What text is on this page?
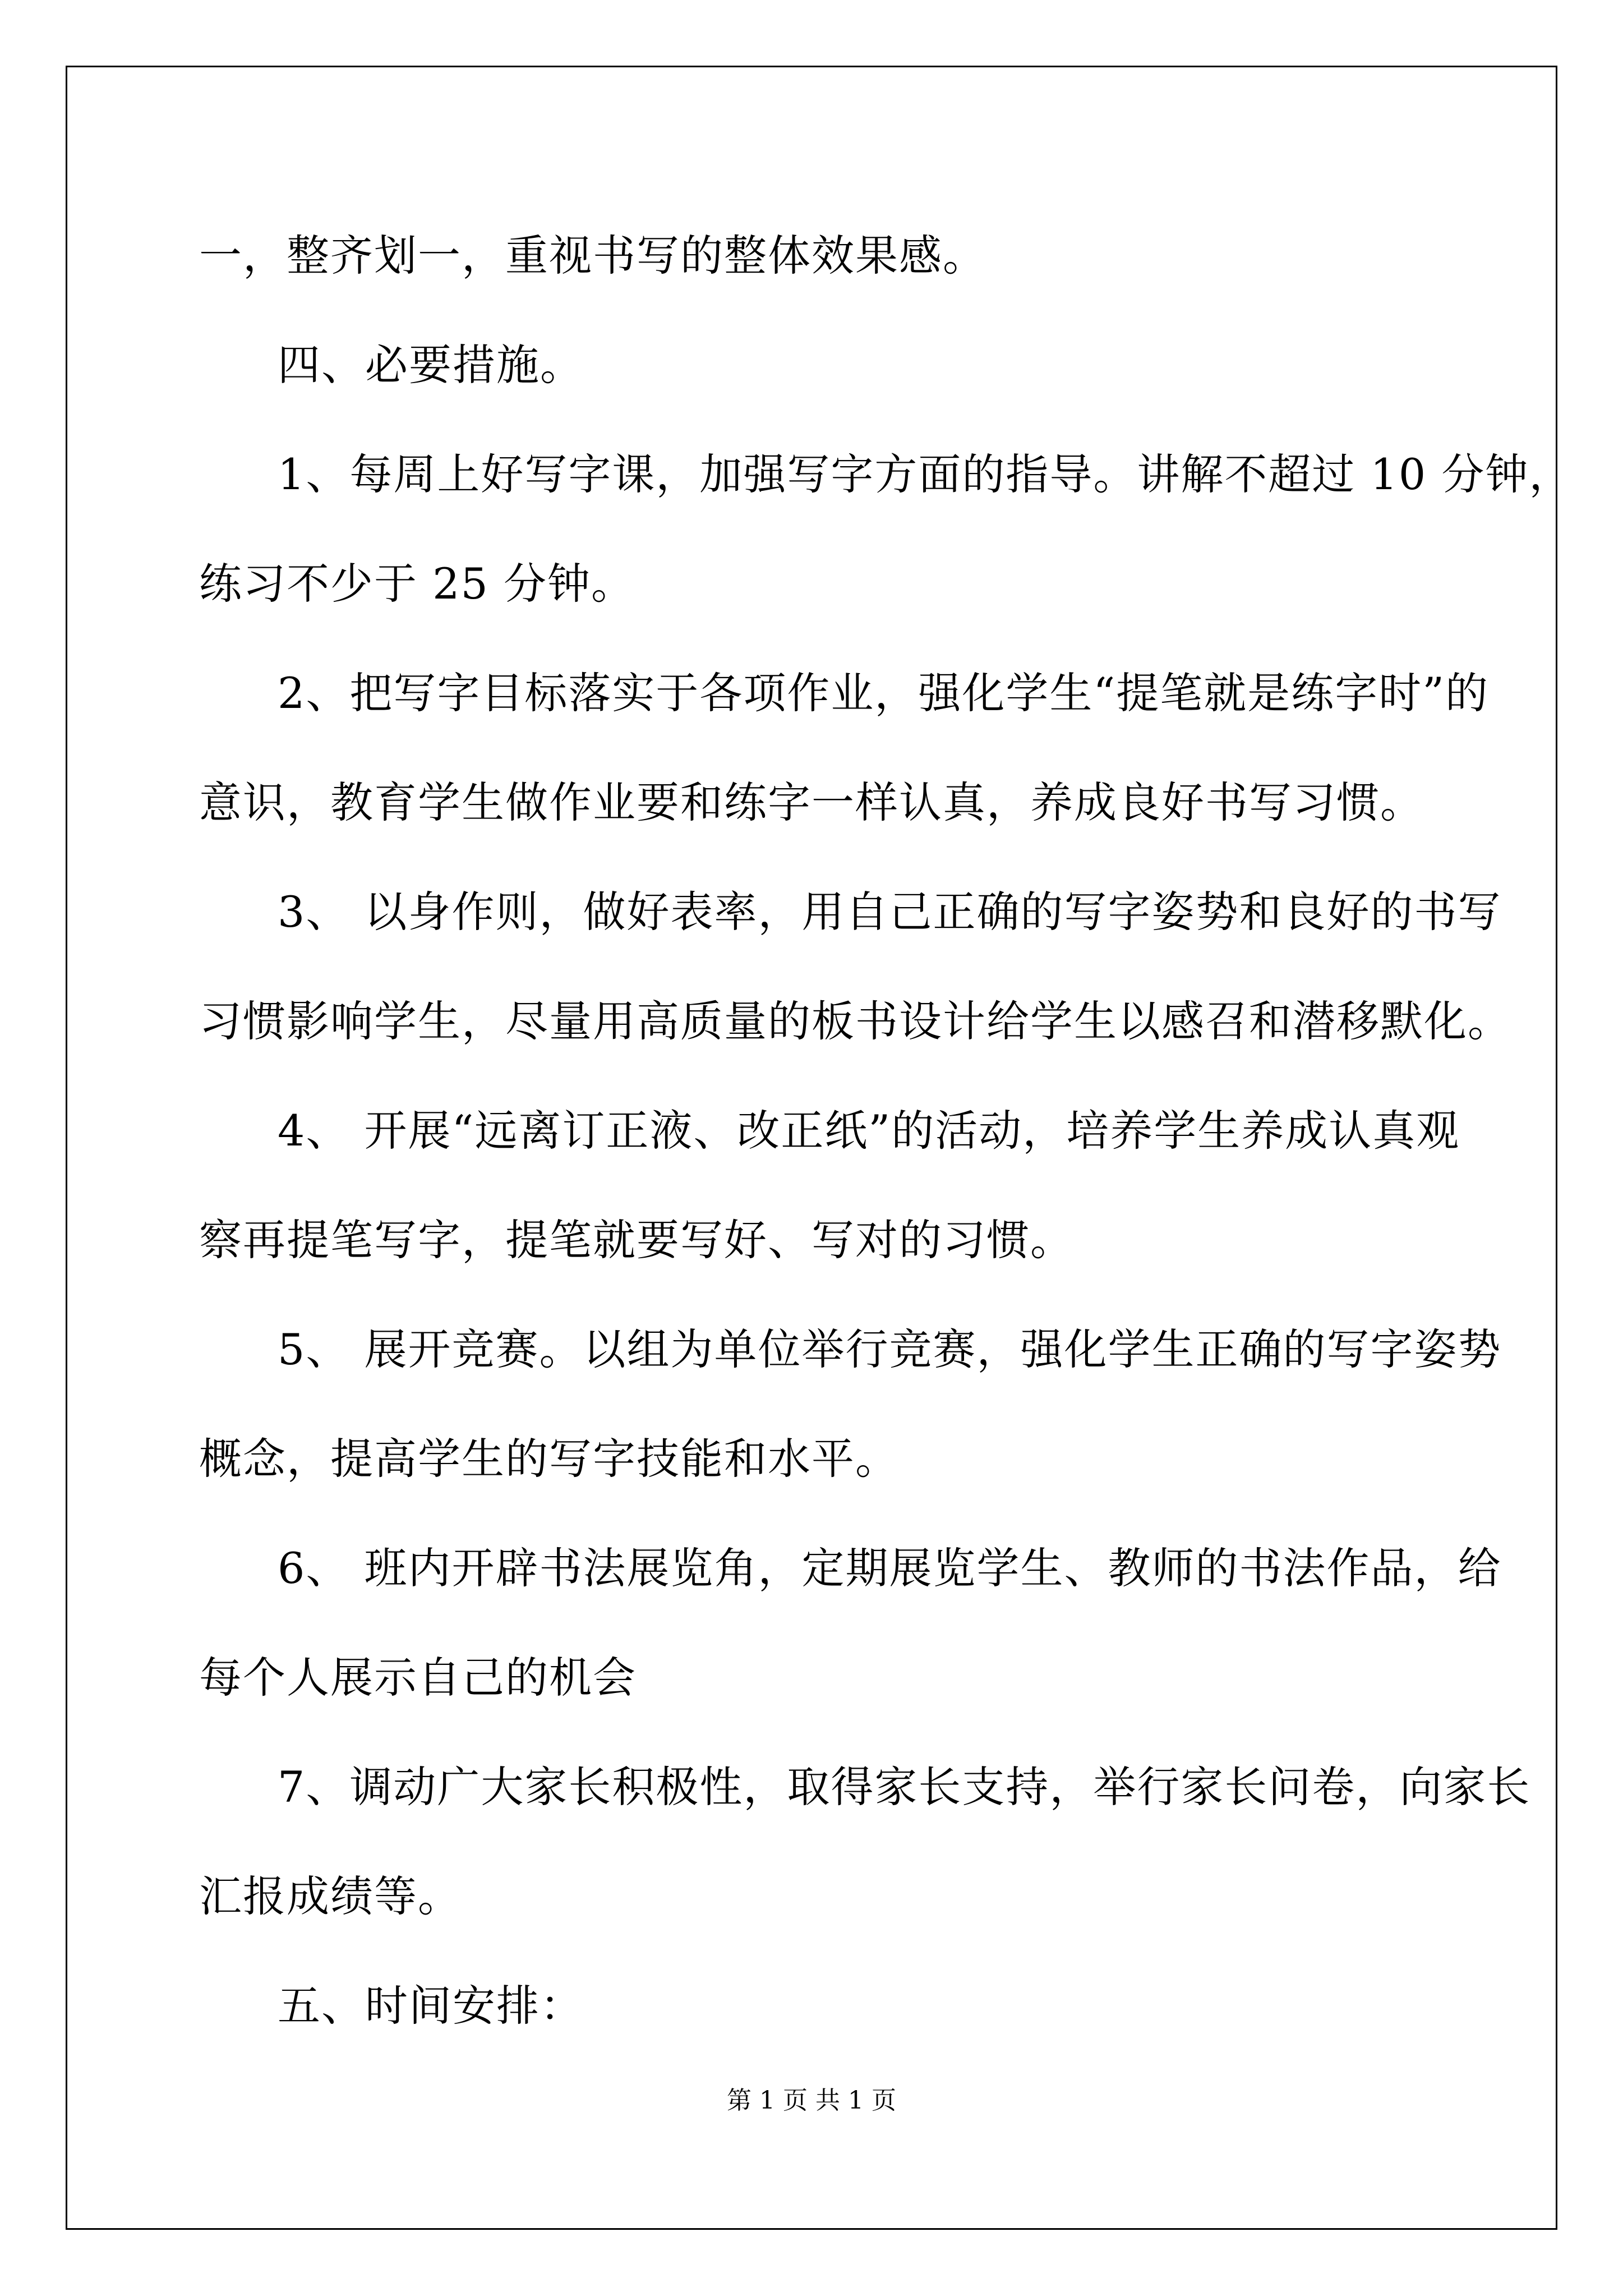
一，整齐划一，重视书写的整体效果感。
四、必要措施。
1、每周上好写字课，加强写字方面的指导。讲解不超过 10 分钟，
练习不少于 25 分钟。
2、把写字目标落实于各项作业，强化学生“提笔就是练字时”的
意识，教育学生做作业要和练字一样认真，养成良好书写习惯。
3、 以身作则，做好表率，用自己正确的写字姿势和良好的书写
习惯影响学生，尽量用高质量的板书设计给学生以感召和潜移默化。
4、 开展“远离订正液、改正纸”的活动，培养学生养成认真观
察再提笔写字，提笔就要写好、写对的习惯。
5、 展开竞赛。以组为单位举行竞赛，强化学生正确的写字姿势
概念，提高学生的写字技能和水平。
6、 班内开辟书法展览角，定期展览学生、教师的书法作品，给
每个人展示自己的机会
7、调动广大家长积极性，取得家长支持，举行家长问卷，向家长
汇报成绩等。
五、时间安排：
第 1 页 共 1 页
